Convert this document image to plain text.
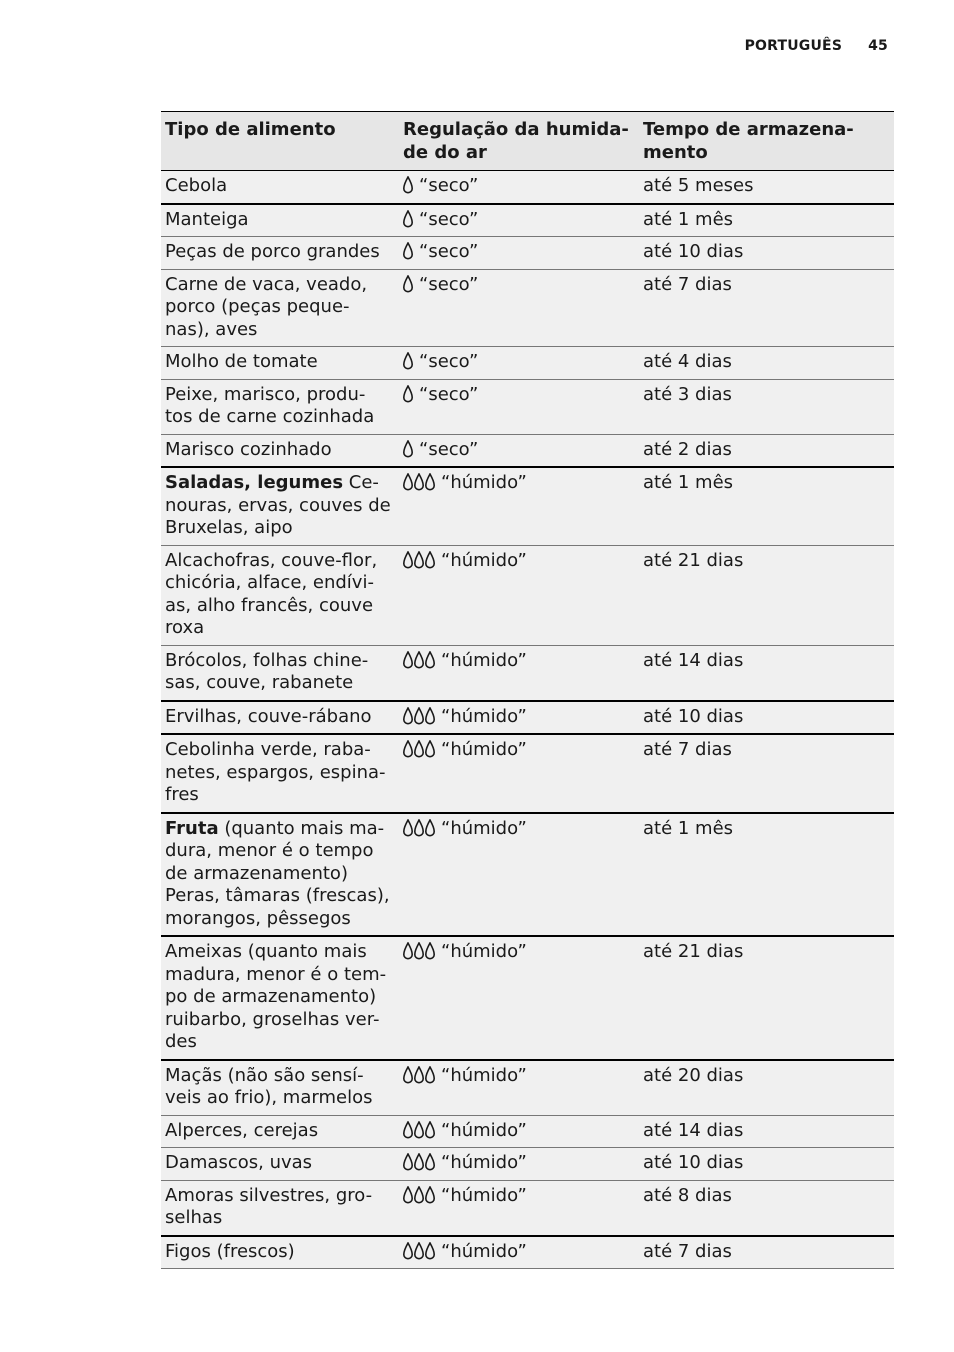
PORTUGUÊS 45
Tipo de alimento	Regulação da humida- de do ar	Tempo de armazena- mento
Cebola	“seco”	até 5 meses
Manteiga	“seco”	até 1 mês
Peças de porco grandes	“seco”	até 10 dias
Carne de vaca, veado, porco (peças peque- nas), aves	“seco”	até 7 dias
Molho de tomate	“seco”	até 4 dias
Peixe, marisco, produ- tos de carne cozinhada	“seco”	até 3 dias
Marisco cozinhado	“seco”	até 2 dias
Saladas, legumes Ce- nouras, ervas, couves de Bruxelas, aipo	“húmido”	até 1 mês
Alcachofras, couve-flor, chicória, alface, endívi- as, alho francês, couve roxa	“húmido”	até 21 dias
Brócolos, folhas chine- sas, couve, rabanete	“húmido”	até 14 dias
Ervilhas, couve-rábano	“húmido”	até 10 dias
Cebolinha verde, raba- netes, espargos, espina- fres	“húmido”	até 7 dias
Fruta (quanto mais ma- dura, menor é o tempo de armazenamento) Peras, tâmaras (frescas), morangos, pêssegos	“húmido”	até 1 mês
Ameixas (quanto mais madura, menor é o tem- po de armazenamento) ruibarbo, groselhas ver- des	“húmido”	até 21 dias
Maçãs (não são sensí- veis ao frio), marmelos	“húmido”	até 20 dias
Alperces, cerejas	“húmido”	até 14 dias
Damascos, uvas	“húmido”	até 10 dias
Amoras silvestres, gro- selhas	“húmido”	até 8 dias
Figos (frescos)	“húmido”	até 7 dias
